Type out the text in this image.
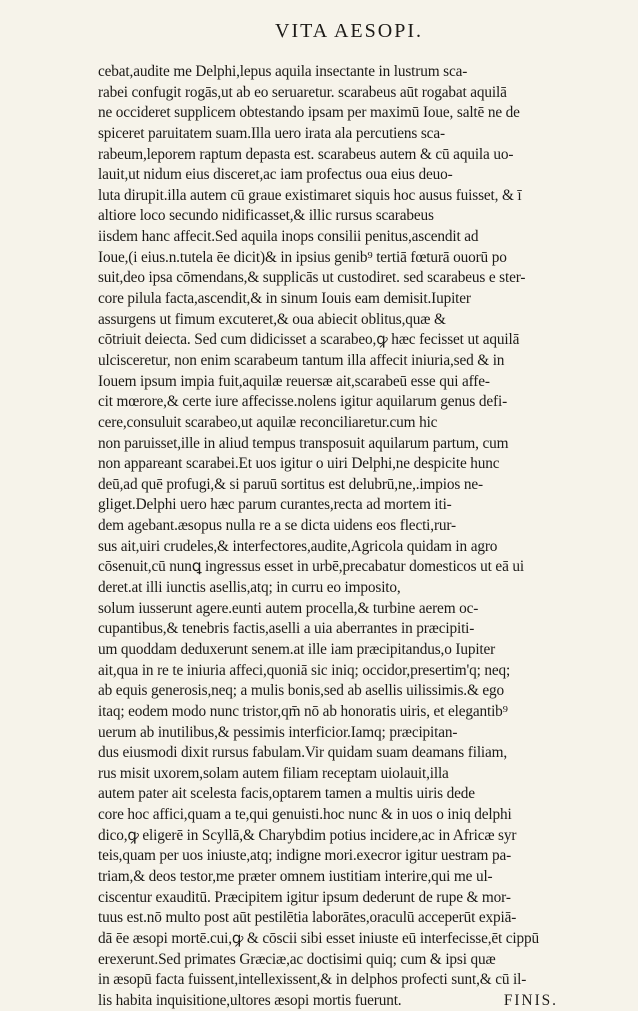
VITA AESOPI.
cebat,audite me Delphi,lepus aquila insectante in lustrum sca-
rabei confugit rogās,ut ab eo seruaretur. scarabeus aūt rogabat aquilā
ne occideret supplicem obtestando ipsam per maximū Ioue, saltē ne de
spiceret paruitatem suam.Illa uero irata ala percutiens sca-
rabeum,leporem raptum depasta est. scarabeus autem & cū aquila uo-
lauit,ut nidum eius disceret,ac iam profectus oua eius deuo-
luta dirupit.illa autem cū graue existimaret siquis hoc ausus fuisset, & ī
altiore loco secundo nidificasset,& illic rursus scarabeus
iisdem hanc affecit.Sed aquila inops consilii penitus,ascendit ad
Ioue,(i eius.n.tutela ēe dicit)& in ipsius genib⁹ tertiā fœturā ouorū po
suit,deo ipsa cōmendans,& supplicās ut custodiret. sed scarabeus e ster-
core pilula facta,ascendit,& in sinum Iouis eam demisit.Iupiter
assurgens ut fimum excuteret,& oua abiecit oblitus,quæ &
cōtriuit deiecta. Sed cum didicisset a scarabeo,ꝙ hæc fecisset ut aquilā
ulcisceretur, non enim scarabeum tantum illa affecit iniuria,sed & in
Iouem ipsum impia fuit,aquilæ reuersæ ait,scarabeū esse qui affe-
cit mœrore,& certe iure affecisse.nolens igitur aquilarum genus defi-
cere,consuluit scarabeo,ut aquilæ reconciliaretur.cum hic
non paruisset,ille in aliud tempus transposuit aquilarum partum, cum
non appareant scarabei.Et uos igitur o uiri Delphi,ne despicite hunc
deū,ad quē profugi,& si paruū sortitus est delubrū,ne,.impios ne-
gliget.Delphi uero hæc parum curantes,recta ad mortem iti-
dem agebant.æsopus nulla re a se dicta uidens eos flecti,rur-
sus ait,uiri crudeles,& interfectores,audite,Agricola quidam in agro
cōsenuit,cū nunꝗ ingressus esset in urbē,precabatur domesticos ut eā ui
deret.at illi iunctis asellis,atq; in curru eo imposito,
solum iusserunt agere.eunti autem procella,& turbine aerem oc-
cupantibus,& tenebris factis,aselli a uia aberrantes in præcipiti-
um quoddam deduxerunt senem.at ille iam præcipitandus,o Iupiter
ait,qua in re te iniuria affeci,quoniā sic iniq; occidor,presertim'q; neq;
ab equis generosis,neq; a mulis bonis,sed ab asellis uilissimis.& ego
itaq; eodem modo nunc tristor,qm̄ nō ab honoratis uiris, et elegantib⁹
uerum ab inutilibus,& pessimis interficior.Iamq; præcipitan-
dus eiusmodi dixit rursus fabulam.Vir quidam suam deamans filiam,
rus misit uxorem,solam autem filiam receptam uiolauit,illa
autem pater ait scelesta facis,optarem tamen a multis uiris dede
core hoc affici,quam a te,qui genuisti.hoc nunc & in uos o iniq delphi
dico,ꝙ eligerē in Scyllā,& Charybdim potius incidere,ac in Africæ syr
teis,quam per uos iniuste,atq; indigne mori.execror igitur uestram pa-
triam,& deos testor,me præter omnem iustitiam interire,qui me ul-
ciscentur exauditū. Præcipitem igitur ipsum dederunt de rupe & mor-
tuus est.nō multo post aūt pestilētia laborātes,oraculū acceperūt expiā-
dā ēe æsopi mortē.cui,ꝙ & cōscii sibi esset iniuste eū interfecisse,ēt cippū
erexerunt.Sed primates Græciæ,ac doctisimi quiq; cum & ipsi quæ
in æsopū facta fuissent,intellexissent,& in delphos profecti sunt,& cū il-
lis habita inquisitione,ultores æsopi mortis fuerunt.	FINIS.
